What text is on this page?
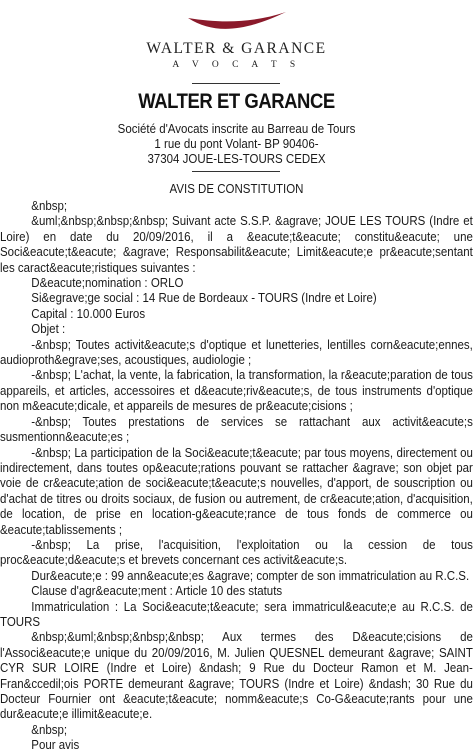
WALTER & GARANCE
A V O C A T S
WALTER ET GARANCE
Société d'Avocats inscrite au Barreau de Tours
1 rue du pont Volant- BP 90406-
37304 JOUE-LES-TOURS CEDEX
AVIS DE CONSTITUTION

&nbsp;

&uml;&nbsp;&nbsp;&nbsp; Suivant acte S.S.P. &agrave; JOUE LES TOURS (Indre et Loire) en date du 20/09/2016, il a &eacute;t&eacute; constitu&eacute; une Soci&eacute;t&eacute; &agrave; Responsabilit&eacute; Limit&eacute;e pr&eacute;sentant les caract&eacute;ristiques suivantes :

D&eacute;nomination : ORLO

Si&egrave;ge social : 14 Rue de Bordeaux - TOURS (Indre et Loire)

Capital : 10.000 Euros

Objet :

-&nbsp; Toutes activit&eacute;s d'optique et lunetteries, lentilles corn&eacute;ennes, audioproth&egrave;ses, acoustiques, audiologie ;

-&nbsp; L'achat, la vente, la fabrication, la transformation, la r&eacute;paration de tous appareils, et articles, accessoires et d&eacute;riv&eacute;s, de tous instruments d'optique non m&eacute;dicale, et appareils de mesures de pr&eacute;cisions ;

-&nbsp; Toutes prestations de services se rattachant aux activit&eacute;s susmentionn&eacute;es ;

-&nbsp; La participation de la Soci&eacute;t&eacute; par tous moyens, directement ou indirectement, dans toutes op&eacute;rations pouvant se rattacher &agrave; son objet par voie de cr&eacute;ation de soci&eacute;t&eacute;s nouvelles, d'apport, de souscription ou d'achat de titres ou droits sociaux, de fusion ou autrement, de cr&eacute;ation, d'acquisition, de location, de prise en location-g&eacute;rance de tous fonds de commerce ou &eacute;tablissements ;

-&nbsp; La prise, l'acquisition, l'exploitation ou la cession de tous proc&eacute;d&eacute;s et brevets concernant ces activit&eacute;s.

Dur&eacute;e : 99 ann&eacute;es &agrave; compter de son immatriculation au R.C.S.

Clause d'agr&eacute;ment : Article 10 des statuts

Immatriculation : La Soci&eacute;t&eacute; sera immatricul&eacute;e au R.C.S. de TOURS

&nbsp;&uml;&nbsp;&nbsp;&nbsp; Aux termes des D&eacute;cisions de l'Associ&eacute;e unique du 20/09/2016, M. Julien QUESNEL demeurant &agrave; SAINT CYR SUR LOIRE (Indre et Loire) &ndash; 9 Rue du Docteur Ramon et M. Jean-Fran&ccedil;ois PORTE demeurant &agrave; TOURS (Indre et Loire) &ndash; 30 Rue du Docteur Fournier ont &eacute;t&eacute; nomm&eacute;s Co-G&eacute;rants pour une dur&eacute;e illimit&eacute;e.

&nbsp;

Pour avis
